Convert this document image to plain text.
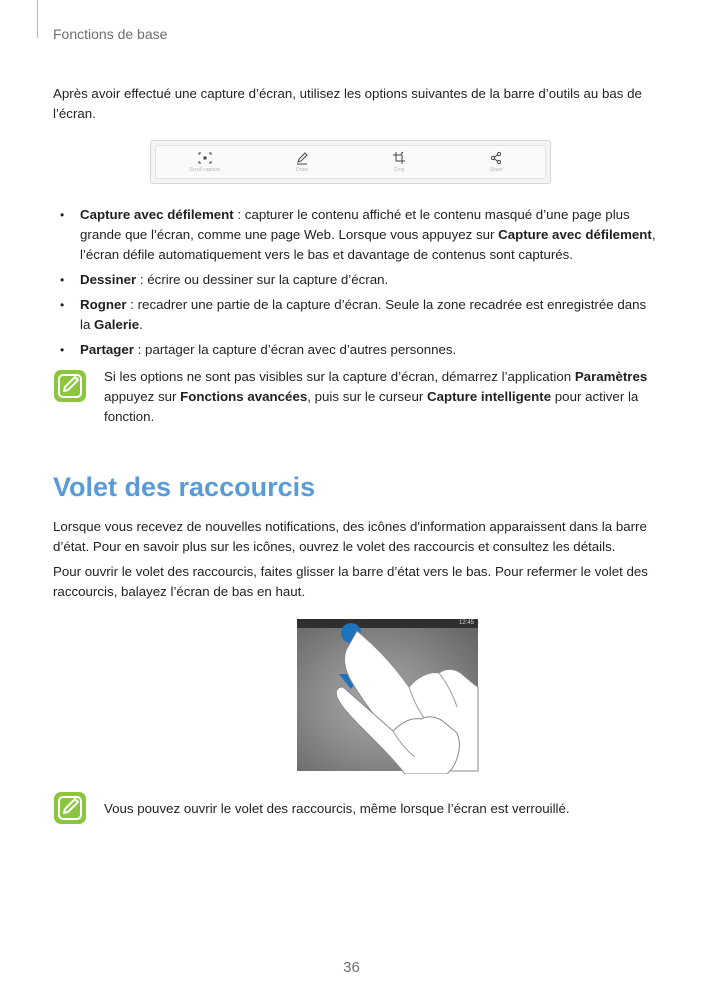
Fonctions de base

Après avoir effectué une capture d’écran, utilisez les options suivantes de la barre d’outils au bas de l’écran.

Scroll capture	Draw	Crop	Share
• Capture avec défilement : capturer le contenu affiché et le contenu masqué d’une page plus grande que l’écran, comme une page Web. Lorsque vous appuyez sur Capture avec défilement, l’écran défile automatiquement vers le bas et davantage de contenus sont capturés.
• Dessiner : écrire ou dessiner sur la capture d’écran.
• Rogner : recadrer une partie de la capture d’écran. Seule la zone recadrée est enregistrée dans la Galerie.
• Partager : partager la capture d’écran avec d’autres personnes.

Si les options ne sont pas visibles sur la capture d’écran, démarrez l’application Paramètres appuyez sur Fonctions avancées, puis sur le curseur Capture intelligente pour activer la fonction.

Volet des raccourcis

Lorsque vous recevez de nouvelles notifications, des icônes d'information apparaissent dans la barre d’état. Pour en savoir plus sur les icônes, ouvrez le volet des raccourcis et consultez les détails.

Pour ouvrir le volet des raccourcis, faites glisser la barre d’état vers le bas. Pour refermer le volet des raccourcis, balayez l’écran de bas en haut.

12:45

Vous pouvez ouvrir le volet des raccourcis, même lorsque l’écran est verrouillé.

36
